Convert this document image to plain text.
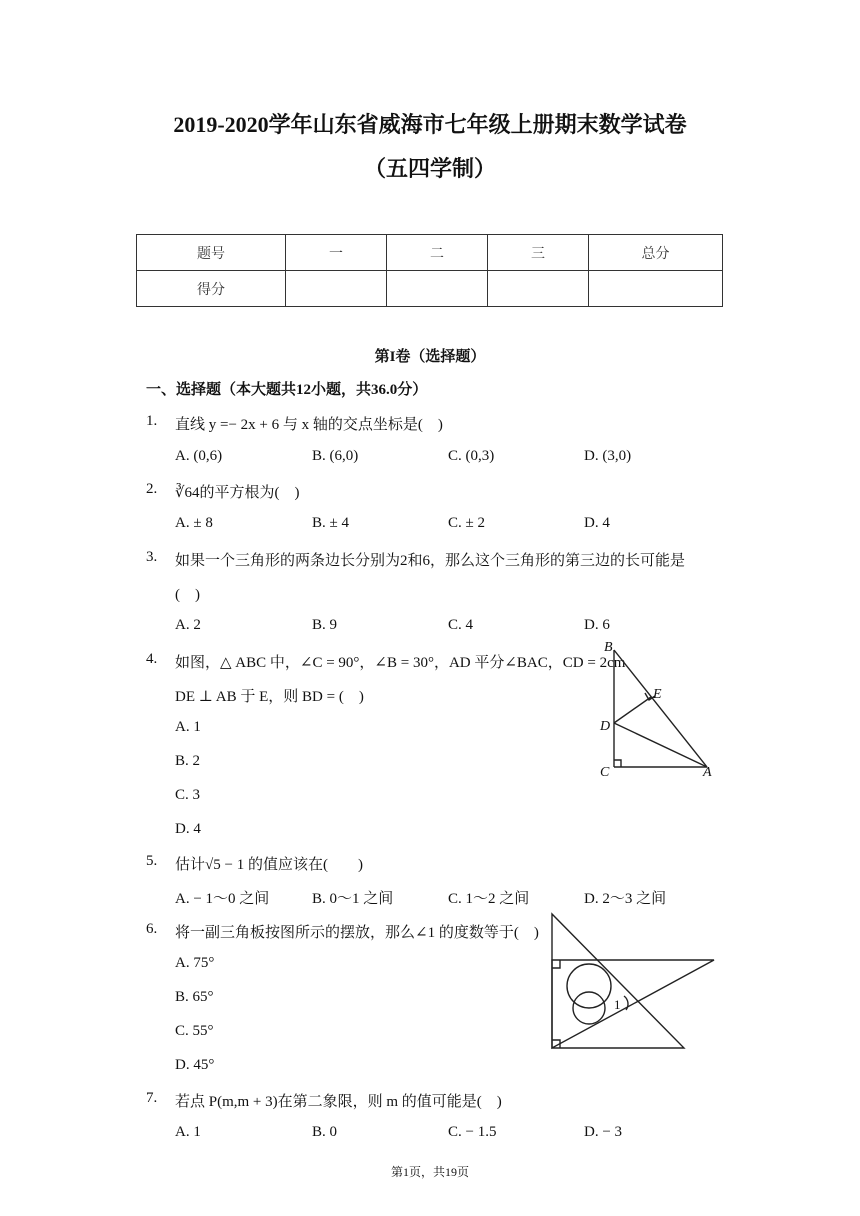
2019-2020学年山东省威海市七年级上册期末数学试卷
（五四学制）
题号	一	二	三	总分
得分				
第I卷（选择题）
一、选择题（本大题共12小题，共36.0分）
1. 直线 y =− 2x + 6 与 x 轴的交点坐标是(　)
A. (0,6)	B. (6,0)	C. (0,3)	D. (3,0)
2. ∛64的平方根为(　)
A. ± 8	B. ± 4	C. ± 2	D. 4
3. 如果一个三角形的两条边长分别为2和6，那么这个三角形的第三边的长可能是
(　)
A. 2	B. 9	C. 4	D. 6
4. 如图，△ ABC 中，∠C = 90°，∠B = 30°，AD 平分∠BAC，CD = 2cm
DE ⊥ AB 于 E，则 BD = (　)
A. 1
B. 2
C. 3
D. 4
B
E
D
C	A
5. 估计√5 − 1 的值应该在(　　)
A. − 1～0 之间	B. 0～1 之间	C. 1～2 之间	D. 2～3 之间
6. 将一副三角板按图所示的摆放，那么∠1 的度数等于(　)
A. 75°
B. 65°
C. 55°
D. 45°
1
7. 若点 P(m,m + 3)在第二象限，则 m 的值可能是(　)
A. 1	B. 0	C. − 1.5	D. − 3
第1页，共19页
